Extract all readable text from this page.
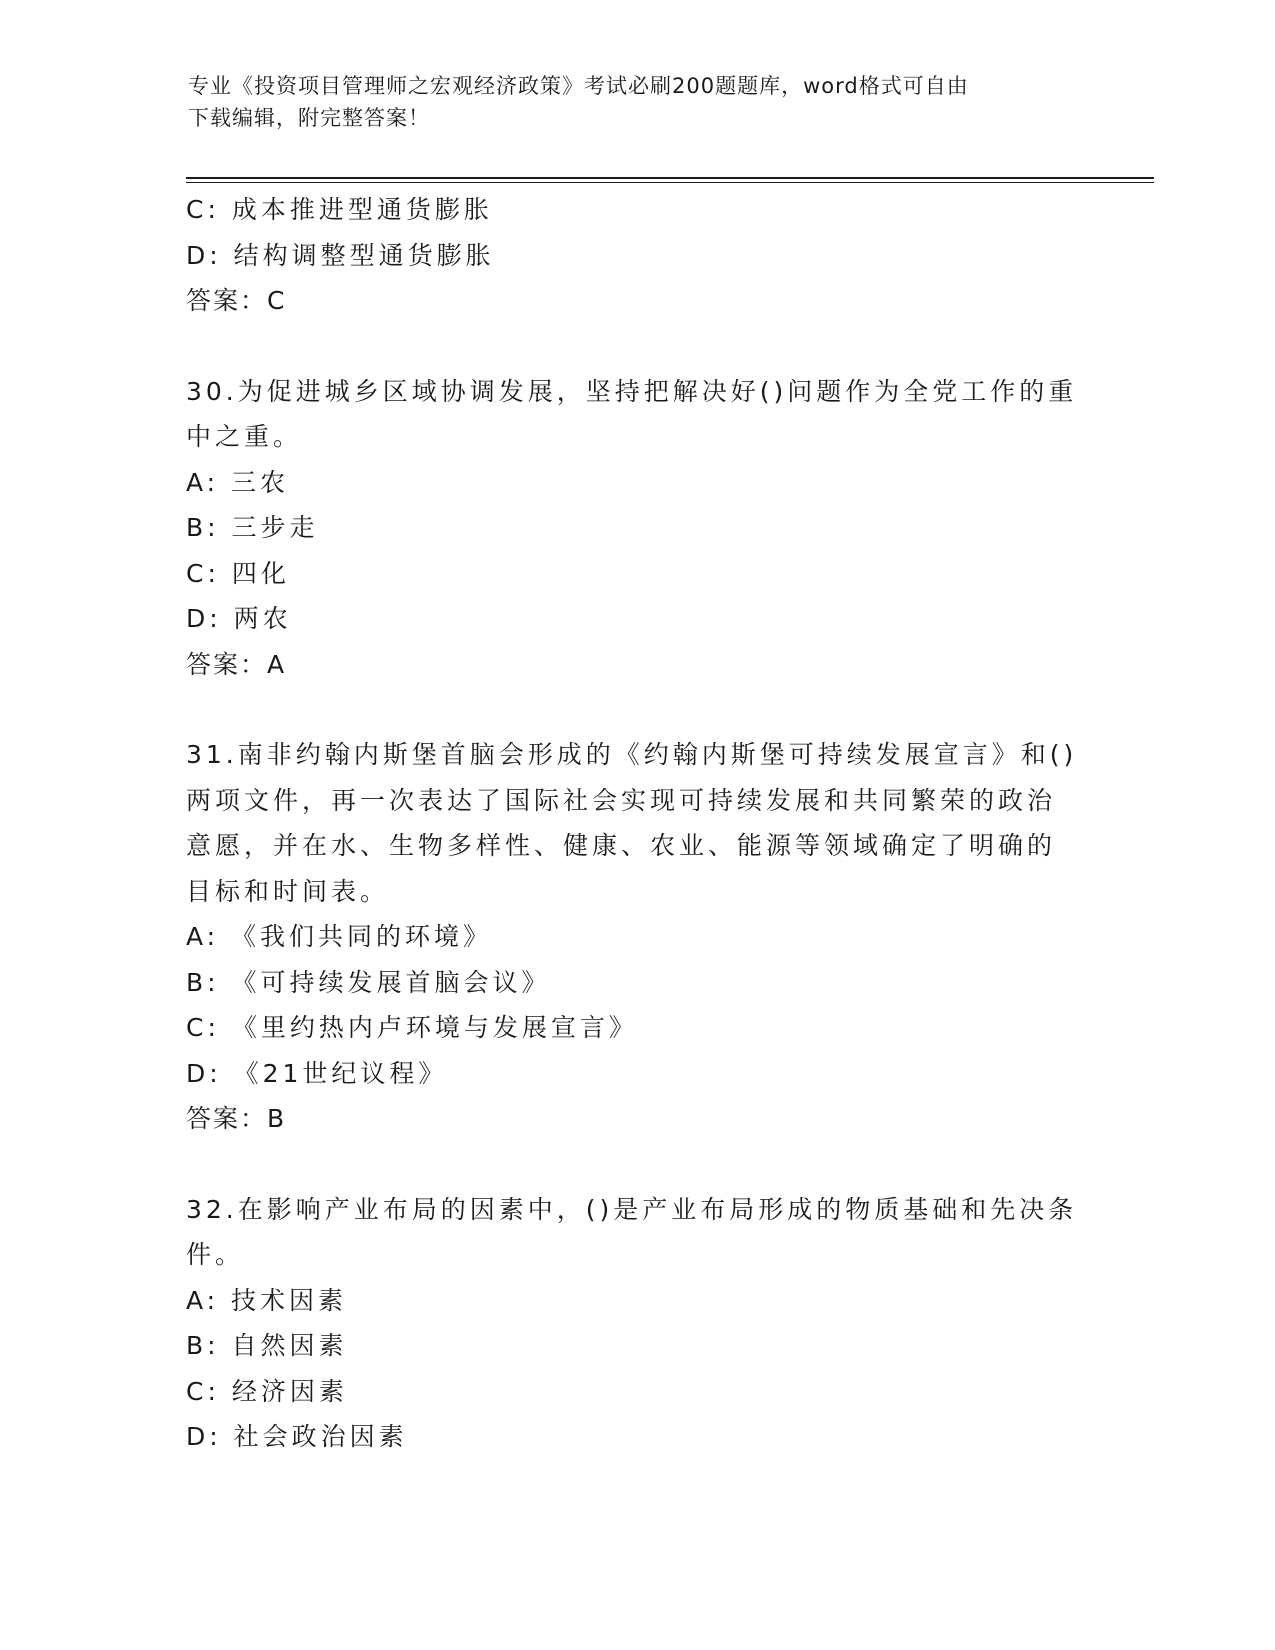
专业《投资项目管理师之宏观经济政策》考试必刷200题题库，word格式可自由
下载编辑，附完整答案！
C: 成本推进型通货膨胀
D: 结构调整型通货膨胀
答案：C
30.为促进城乡区域协调发展，坚持把解决好()问题作为全党工作的重
中之重。
A: 三农
B: 三步走
C: 四化
D: 两农
答案：A
31.南非约翰内斯堡首脑会形成的《约翰内斯堡可持续发展宣言》和()
两项文件，再一次表达了国际社会实现可持续发展和共同繁荣的政治
意愿，并在水、生物多样性、健康、农业、能源等领域确定了明确的
目标和时间表。
A: 《我们共同的环境》
B: 《可持续发展首脑会议》
C: 《里约热内卢环境与发展宣言》
D: 《21世纪议程》
答案：B
32.在影响产业布局的因素中，()是产业布局形成的物质基础和先决条
件。
A: 技术因素
B: 自然因素
C: 经济因素
D: 社会政治因素
